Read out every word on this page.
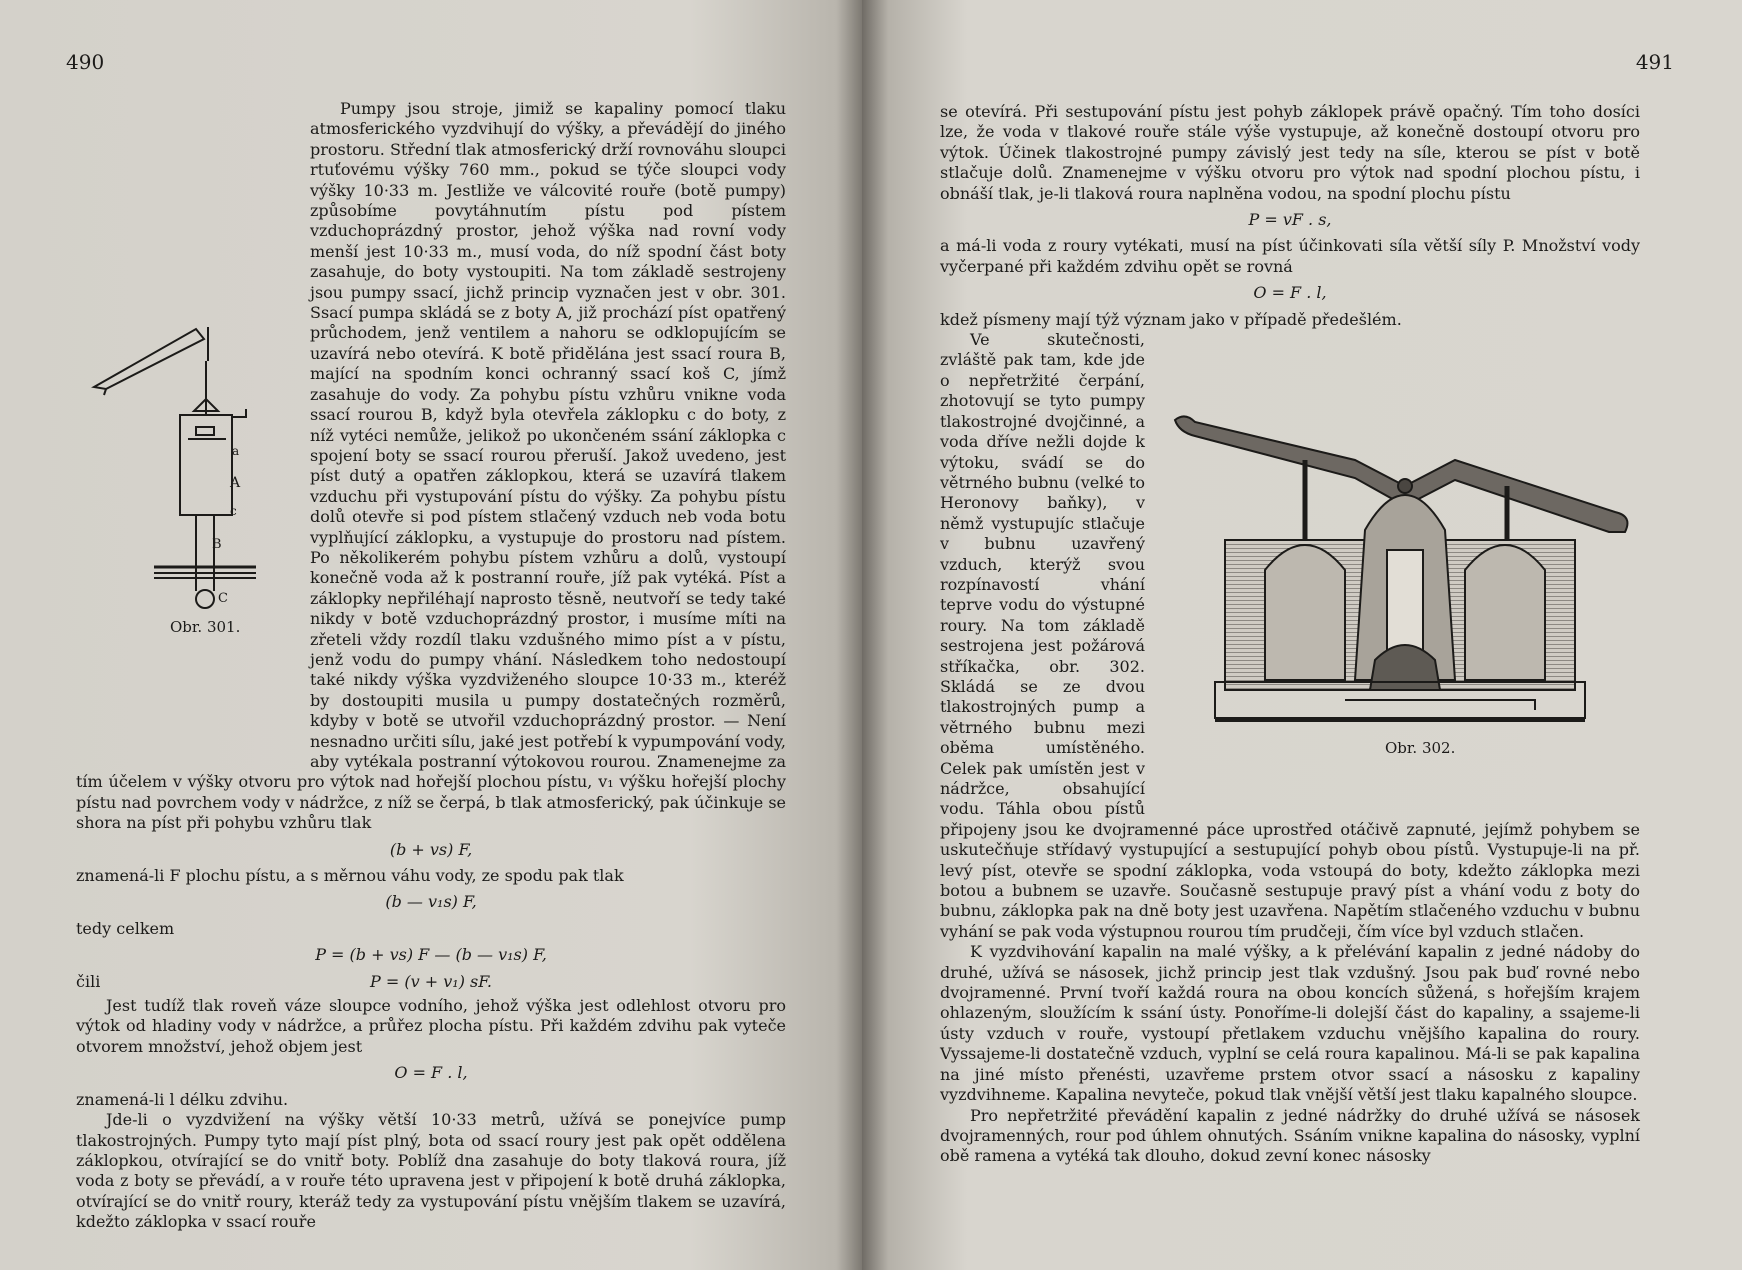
490

a
A
c
B
C
Obr. 301.
Pumpy jsou stroje, jimiž se kapaliny pomocí tlaku atmosferického vyzdvihují do výšky, a převádějí do jiného prostoru. Střední tlak atmosferický drží rovnováhu sloupci rtuťovému výšky 760 mm., pokud se týče sloupci vody výšky 10·33 m. Jestliže ve válcovité rouře (botě pumpy) způsobíme povytáhnutím pístu pod pístem vzduchoprázdný prostor, jehož výška nad rovní vody menší jest 10·33 m., musí voda, do níž spodní část boty zasahuje, do boty vystoupiti. Na tom základě sestrojeny jsou pumpy ssací, jichž princip vyznačen jest v obr. 301. Ssací pumpa skládá se z boty A, již prochází píst opatřený průchodem, jenž ventilem a nahoru se odklopujícím se uzavírá nebo otevírá. K botě přidělána jest ssací roura B, mající na spodním konci ochranný ssací koš C, jímž zasahuje do vody. Za pohybu pístu vzhůru vnikne voda ssací rourou B, když byla otevřela záklopku c do boty, z níž vytéci nemůže, jelikož po ukončeném ssání záklopka c spojení boty se ssací rourou přeruší. Jakož uvedeno, jest píst dutý a opatřen záklopkou, která se uzavírá tlakem vzduchu při vystupování pístu do výšky. Za pohybu pístu dolů otevře si pod pístem stlačený vzduch neb voda botu vyplňující záklopku, a vystupuje do prostoru nad pístem. Po několikerém pohybu pístem vzhůru a dolů, vystoupí konečně voda až k postranní rouře, jíž pak vytéká. Píst a záklopky nepřiléhají naprosto těsně, neutvoří se tedy také nikdy v botě vzduchoprázdný prostor, i musíme míti na zřeteli vždy rozdíl tlaku vzdušného mimo píst a v pístu, jenž vodu do pumpy vhání. Následkem toho nedostoupí také nikdy výška vyzdviženého sloupce 10·33 m., kteréž by dostoupiti musila u pumpy dostatečných rozměrů, kdyby v botě se utvořil vzduchoprázdný prostor. — Není nesnadno určiti sílu, jaké jest potřebí k vypumpování vody, aby vytékala postranní výtokovou rourou. Znamenejme za tím účelem v výšky otvoru pro výtok nad hořejší plochou pístu, v₁ výšku hořejší plochy pístu nad povrchem vody v nádržce, z níž se čerpá, b tlak atmosferický, pak účinkuje se shora na píst při pohybu vzhůru tlak

(b + vs) F,

znamená-li F plochu pístu, a s měrnou váhu vody, ze spodu pak tlak

(b — v₁s) F,

tedy celkem

P = (b + vs) F — (b — v₁s) F,

čili	P = (v + v₁) sF.

Jest tudíž tlak roveň váze sloupce vodního, jehož výška jest odlehlost otvoru pro výtok od hladiny vody v nádržce, a průřez plocha pístu. Při každém zdvihu pak vyteče otvorem množství, jehož objem jest

O = F . l,

znamená-li l délku zdvihu.

Jde-li o vyzdvižení na výšky větší 10·33 metrů, užívá se ponejvíce pump tlakostrojných. Pumpy tyto mají píst plný, bota od ssací roury jest pak opět oddělena záklopkou, otvírající se do vnitř boty. Poblíž dna zasahuje do boty tlaková roura, jíž voda z boty se převádí, a v rouře této upravena jest v připojení k botě druhá záklopka, otvírající se do vnitř roury, kteráž tedy za vystupování pístu vnějším tlakem se uzavírá, kdežto záklopka v ssací rouře

491

se otevírá. Při sestupování pístu jest pohyb záklopek právě opačný. Tím toho dosíci lze, že voda v tlakové rouře stále výše vystupuje, až konečně dostoupí otvoru pro výtok. Účinek tlakostrojné pumpy závislý jest tedy na síle, kterou se píst v botě stlačuje dolů. Znamenejme v výšku otvoru pro výtok nad spodní plochou pístu, i obnáší tlak, je-li tlaková roura naplněna vodou, na spodní plochu pístu

P = vF . s,

a má-li voda z roury vytékati, musí na píst účinkovati síla větší síly P. Množství vody vyčerpané při každém zdvihu opět se rovná

O = F . l,

kdež písmeny mají týž význam jako v případě předešlém.

Obr. 302.
Ve skutečnosti, zvláště pak tam, kde jde o nepřetržité čerpání, zhotovují se tyto pumpy tlakostrojné dvojčinné, a voda dříve nežli dojde k výtoku, svádí se do větrného bubnu (velké to Heronovy baňky), v němž vystupujíc stlačuje v bubnu uzavřený vzduch, kterýž svou rozpínavostí vhání teprve vodu do výstupné roury. Na tom základě sestrojena jest požárová stříkačka, obr. 302. Skládá se ze dvou tlakostrojných pump a větrného bubnu mezi oběma umístěného. Celek pak umístěn jest v nádržce, obsahující vodu. Táhla obou pístů připojeny jsou ke dvojramenné páce uprostřed otáčivě zapnuté, jejímž pohybem se uskutečňuje střídavý vystupující a sestupující pohyb obou pístů. Vystupuje-li na př. levý píst, otevře se spodní záklopka, voda vstoupá do boty, kdežto záklopka mezi botou a bubnem se uzavře. Současně sestupuje pravý píst a vhání vodu z boty do bubnu, záklopka pak na dně boty jest uzavřena. Napětím stlačeného vzduchu v bubnu vyhání se pak voda výstupnou rourou tím prudčeji, čím více byl vzduch stlačen.

K vyzdvihování kapalin na malé výšky, a k přelévání kapalin z jedné nádoby do druhé, užívá se násosek, jichž princip jest tlak vzdušný. Jsou pak buď rovné nebo dvojramenné. První tvoří každá roura na obou koncích sůžená, s hořejším krajem ohlazeným, sloužícím k ssání ústy. Ponoříme-li dolejší část do kapaliny, a ssajeme-li ústy vzduch v rouře, vystoupí přetlakem vzduchu vnějšího kapalina do roury. Vyssajeme-li dostatečně vzduch, vyplní se celá roura kapalinou. Má-li se pak kapalina na jiné místo přenésti, uzavřeme prstem otvor ssací a násosku z kapaliny vyzdvihneme. Kapalina nevyteče, pokud tlak vnější větší jest tlaku kapalného sloupce.

Pro nepřetržité převádění kapalin z jedné nádržky do druhé užívá se násosek dvojramenných, rour pod úhlem ohnutých. Ssáním vnikne kapalina do násosky, vyplní obě ramena a vytéká tak dlouho, dokud zevní konec násosky
